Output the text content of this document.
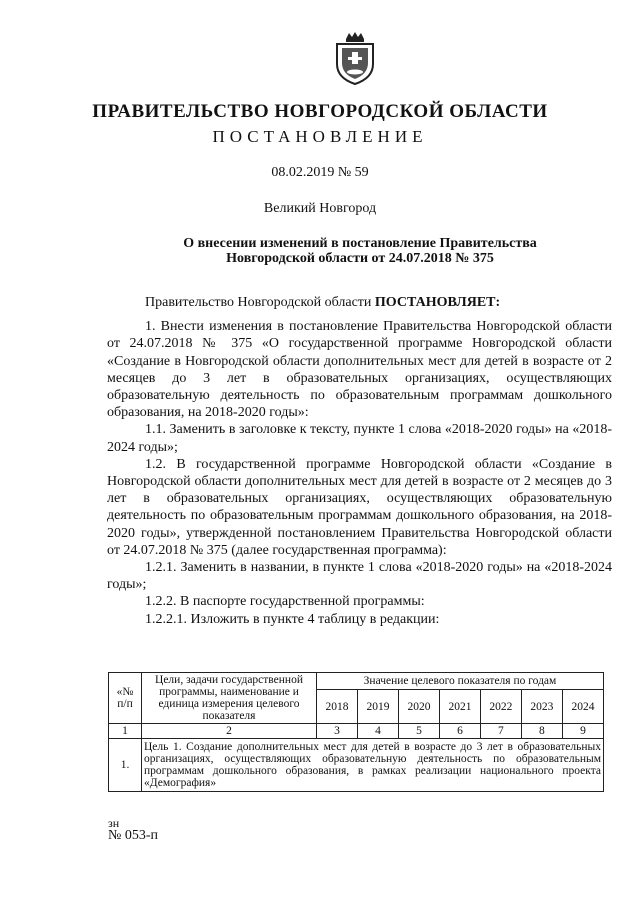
ПРАВИТЕЛЬСТВО НОВГОРОДСКОЙ ОБЛАСТИ
ПОСТАНОВЛЕНИЕ
08.02.2019 № 59
Великий Новгород
О внесении изменений в постановление Правительства
Новгородской области от 24.07.2018 № 375

Правительство Новгородской области ПОСТАНОВЛЯЕТ:

1. Внести изменения в постановление Правительства Новгородской области от 24.07.2018 № 375 «О государственной программе Новгородской области «Создание в Новгородской области дополнительных мест для детей в возрасте от 2 месяцев до 3 лет в образовательных организациях, осуществляющих образовательную деятельность по образовательным программам дошкольного образования, на 2018-2020 годы»:

1.1. Заменить в заголовке к тексту, пункте 1 слова «2018-2020 годы» на «2018-2024 годы»;

1.2. В государственной программе Новгородской области «Создание в Новгородской области дополнительных мест для детей в возрасте от 2 месяцев до 3 лет в образовательных организациях, осуществляющих образовательную деятельность по образовательным программам дошкольного образования, на 2018-2020 годы», утвержденной постановлением Правительства Новгородской области от 24.07.2018 № 375 (далее государственная программа):

1.2.1. Заменить в названии, в пункте 1 слова «2018-2020 годы» на «2018-2024 годы»;

1.2.2. В паспорте государственной программы:

1.2.2.1. Изложить в пункте 4 таблицу в редакции:

«№ п/п	Цели, задачи государственной программы, наименование и единица измерения целевого показателя	Значение целевого показателя по годам						
		2018	2019	2020	2021	2022	2023	2024
1	2	3	4	5	6	7	8	9
1.	Цель 1. Создание дополнительных мест для детей в возрасте до 3 лет в образовательных организациях, осуществляющих образовательную деятельность по образовательным программам дошкольного образования, в рамках реализации национального проекта «Демография»							
зн
№ 053-п
